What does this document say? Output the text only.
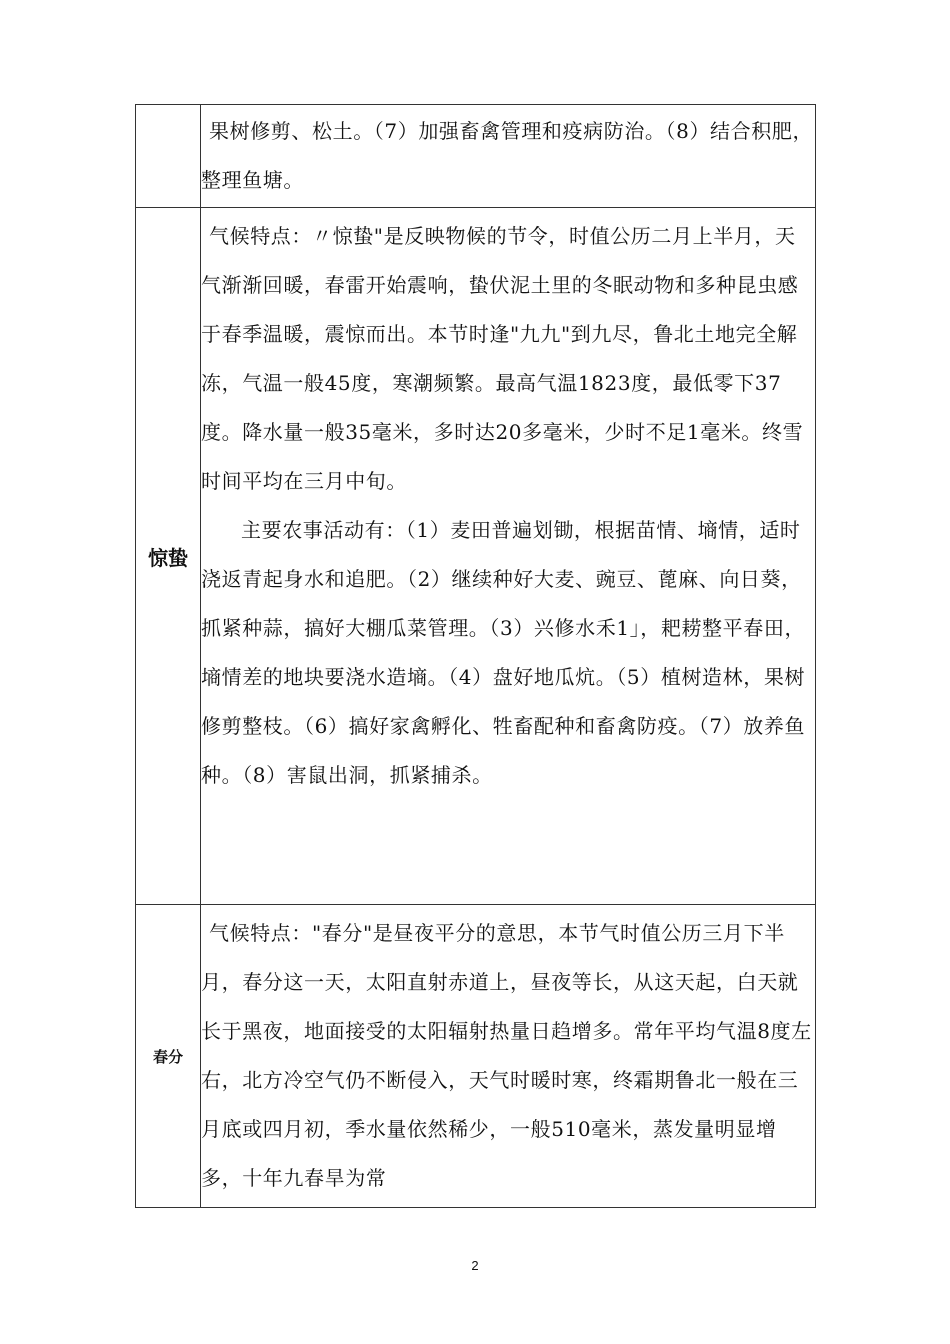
	果树修剪、松土。（7）加强畜禽管理和疫病防治。（8）结合积肥，整理鱼塘。

惊蛰	气候特点：〃惊蛰"是反映物候的节令，时值公历二月上半月，天气渐渐回暖，春雷开始震响，蛰伏泥土里的冬眠动物和多种昆虫感于春季温暖，震惊而出。本节时逢"九九"到九尽，鲁北土地完全解冻，气温一般45度，寒潮频繁。最高气温1823度，最低零下37度。降水量一般35毫米，多时达20多毫米，少时不足1毫米。终雪时间平均在三月中旬。

主要农事活动有：（1）麦田普遍划锄，根据苗情、墒情，适时浇返青起身水和追肥。（2）继续种好大麦、豌豆、蓖麻、向日葵，抓紧种蒜，搞好大棚瓜菜管理。（3）兴修水禾1」，耙耢整平春田，墒情差的地块要浇水造墒。（4）盘好地瓜炕。（5）植树造林，果树修剪整枝。（6）搞好家禽孵化、牲畜配种和畜禽防疫。（7）放养鱼种。（8）害鼠出洞，抓紧捕杀。

春分	气候特点："春分"是昼夜平分的意思，本节气时值公历三月下半月，春分这一天，太阳直射赤道上，昼夜等长，从这天起，白天就长于黑夜，地面接受的太阳辐射热量日趋增多。常年平均气温8度左右，北方冷空气仍不断侵入，天气时暖时寒，终霜期鲁北一般在三月底或四月初，季水量依然稀少，一般510毫米，蒸发量明显增多，十年九春旱为常

2
